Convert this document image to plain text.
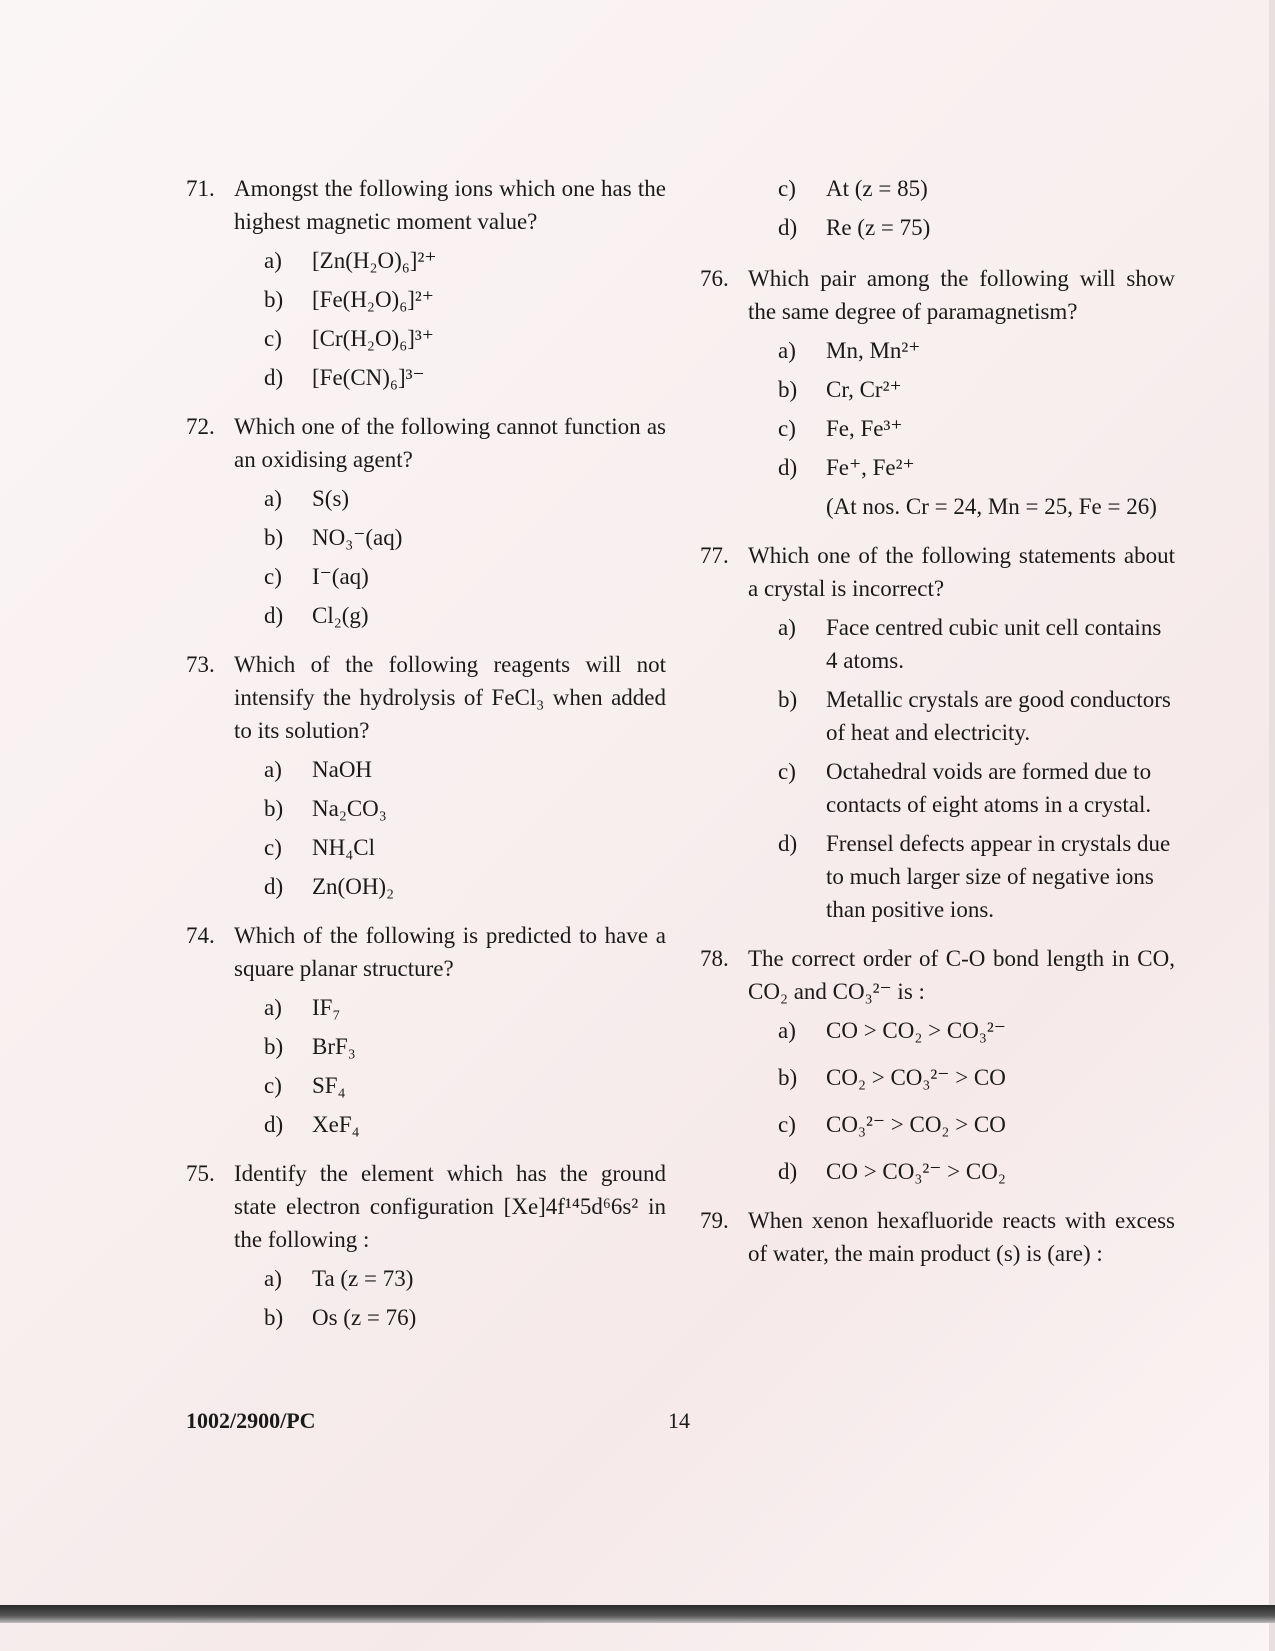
71. Amongst the following ions which one has the highest magnetic moment value?
a) [Zn(H₂O)₆]²⁺
b) [Fe(H₂O)₆]²⁺
c) [Cr(H₂O)₆]³⁺
d) [Fe(CN)₆]³⁻
72. Which one of the following cannot function as an oxidising agent?
a) S(s)
b) NO₃⁻(aq)
c) I⁻(aq)
d) Cl₂(g)
73. Which of the following reagents will not intensify the hydrolysis of FeCl₃ when added to its solution?
a) NaOH
b) Na₂CO₃
c) NH₄Cl
d) Zn(OH)₂
74. Which of the following is predicted to have a square planar structure?
a) IF₇
b) BrF₃
c) SF₄
d) XeF₄
75. Identify the element which has the ground state electron configuration [Xe]4f¹⁴5d⁶6s² in the following :
a) Ta (z = 73)
b) Os (z = 76)
c) At (z = 85)
d) Re (z = 75)
76. Which pair among the following will show the same degree of paramagnetism?
a) Mn, Mn²⁺
b) Cr, Cr²⁺
c) Fe, Fe³⁺
d) Fe⁺, Fe²⁺
(At nos. Cr = 24, Mn = 25, Fe = 26)
77. Which one of the following statements about a crystal is incorrect?
a) Face centred cubic unit cell contains 4 atoms.
b) Metallic crystals are good conductors of heat and electricity.
c) Octahedral voids are formed due to contacts of eight atoms in a crystal.
d) Frensel defects appear in crystals due to much larger size of negative ions than positive ions.
78. The correct order of C-O bond length in CO, CO₂ and CO₃²⁻ is :
a) CO > CO₂ > CO₃²⁻
b) CO₂ > CO₃²⁻ > CO
c) CO₃²⁻ > CO₂ > CO
d) CO > CO₃²⁻ > CO₂
79. When xenon hexafluoride reacts with excess of water, the main product (s) is (are) :
1002/2900/PC	14
